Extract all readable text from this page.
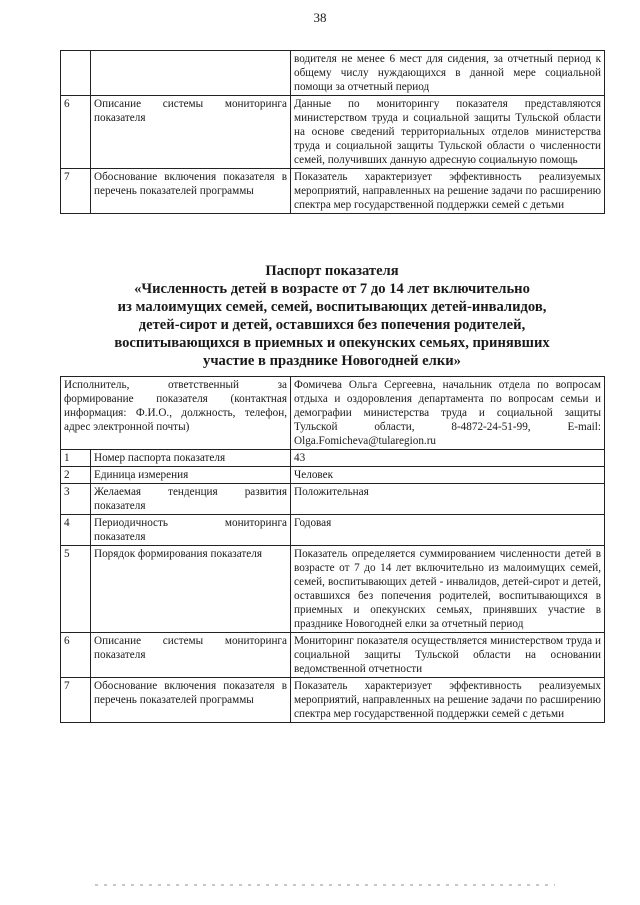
38
		водителя не менее 6 мест для сидения, за отчетный период к общему числу нуждающихся в данной мере социальной помощи за отчетный период
6	Описание системы мониторинга показателя	Данные по мониторингу показателя представляются министерством труда и социальной защиты Тульской области на основе сведений территориальных отделов министерства труда и социальной защиты Тульской области о численности семей, получивших данную адресную социальную помощь
7	Обоснование включения показателя в перечень показателей программы	Показатель характеризует эффективность реализуемых мероприятий, направленных на решение задачи по расширению спектра мер государственной поддержки семей с детьми
Паспорт показателя
«Численность детей в возрасте от 7 до 14 лет включительно
из малоимущих семей, семей, воспитывающих детей-инвалидов,
детей-сирот и детей, оставшихся без попечения родителей,
воспитывающихся в приемных и опекунских семьях, принявших
участие в празднике Новогодней елки»
Исполнитель, ответственный за формирование показателя (контактная информация: Ф.И.О., должность, телефон, адрес электронной почты)		Фомичева Ольга Сергеевна, начальник отдела по вопросам отдыха и оздоровления департамента по вопросам семьи и демографии министерства труда и социальной защиты Тульской области, 8-4872-24-51-99, E-mail: Olga.Fomicheva@tularegion.ru
1	Номер паспорта показателя	43
2	Единица измерения	Человек
3	Желаемая тенденция развития показателя	Положительная
4	Периодичность мониторинга показателя	Годовая
5	Порядок формирования показателя	Показатель определяется суммированием численности детей в возрасте от 7 до 14 лет включительно из малоимущих семей, семей, воспитывающих детей - инвалидов, детей-сирот и детей, оставшихся без попечения родителей, воспитывающихся в приемных и опекунских семьях, принявших участие в празднике Новогодней елки за отчетный период
6	Описание системы мониторинга показателя	Мониторинг показателя осуществляется министерством труда и социальной защиты Тульской области на основании ведомственной отчетности
7	Обоснование включения показателя в перечень показателей программы	Показатель характеризует эффективность реализуемых мероприятий, направленных на решение задачи по расширению спектра мер государственной поддержки семей с детьми
